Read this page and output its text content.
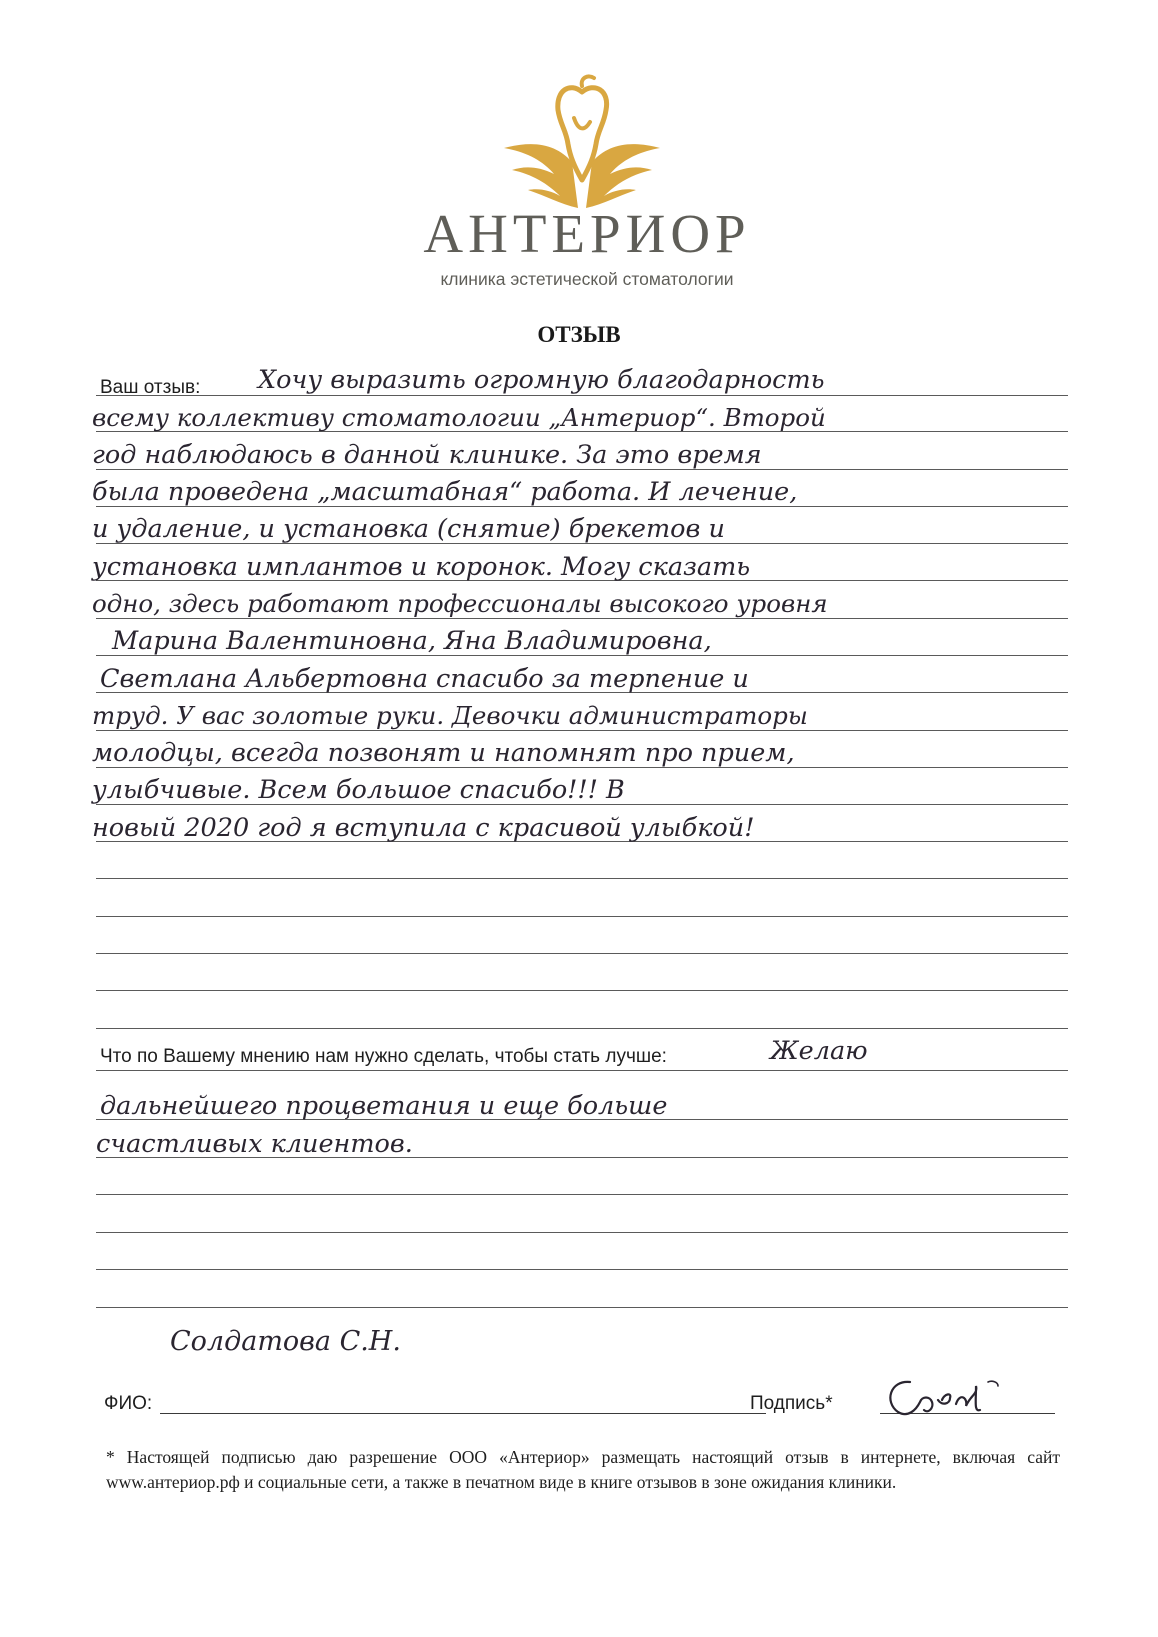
АНТЕРИОР
клиника эстетической стоматологии
ОТЗЫВ
Ваш отзыв: Хочу выразить огромную благодарность
всему коллективу стоматологии „Антериор“. Второй
год наблюдаюсь в данной клинике. За это время
была проведена „масштабная“ работа. И лечение,
и удаление, и установка (снятие) брекетов и
установка имплантов и коронок. Могу сказать
одно, здесь работают профессионалы высокого уровня
Марина Валентиновна, Яна Владимировна,
Светлана Альбертовна спасибо за терпение и
труд. У вас золотые руки. Девочки администраторы
молодцы, всегда позвонят и напомнят про прием,
улыбчивые. Всем большое спасибо!!! В
новый 2020 год я вступила с красивой улыбкой!
Что по Вашему мнению нам нужно сделать, чтобы стать лучше:	Желаю
дальнейшего процветания и еще больше
счастливых клиентов.
ФИО:
Солдатова С.Н.
Подпись*
* Настоящей подписью даю разрешение ООО «Антериор» размещать настоящий отзыв в интернете, включая сайт www.антериор.рф и социальные сети, а также в печатном виде в книге отзывов в зоне ожидания клиники.
